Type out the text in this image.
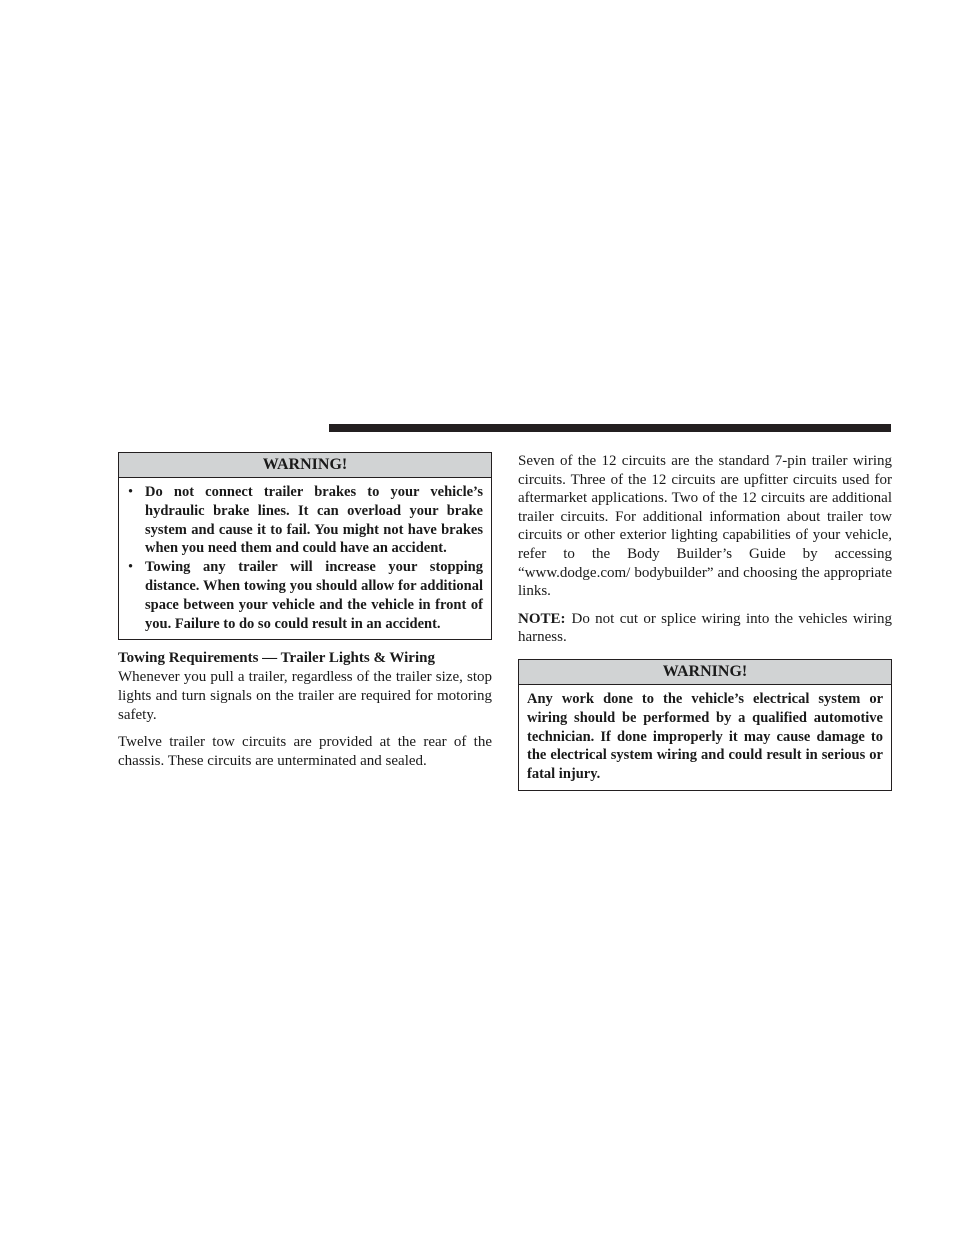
WARNING!
• Do not connect trailer brakes to your vehicle’s hydraulic brake lines. It can overload your brake system and cause it to fail. You might not have brakes when you need them and could have an accident.
• Towing any trailer will increase your stopping distance. When towing you should allow for additional space between your vehicle and the vehicle in front of you. Failure to do so could result in an accident.
Towing Requirements — Trailer Lights & Wiring

Whenever you pull a trailer, regardless of the trailer size, stop lights and turn signals on the trailer are required for motoring safety.

Twelve trailer tow circuits are provided at the rear of the chassis. These circuits are unterminated and sealed.

Seven of the 12 circuits are the standard 7-pin trailer wiring circuits. Three of the 12 circuits are upfitter circuits used for aftermarket applications. Two of the 12 circuits are additional trailer circuits. For additional information about trailer tow circuits or other exterior lighting capabilities of your vehicle, refer to the Body Builder’s Guide by accessing “www.dodge.com/ bodybuilder” and choosing the appropriate links.

NOTE: Do not cut or splice wiring into the vehicles wiring harness.

WARNING!
Any work done to the vehicle’s electrical system or wiring should be performed by a qualified automotive technician. If done improperly it may cause damage to the electrical system wiring and could result in serious or fatal injury.
